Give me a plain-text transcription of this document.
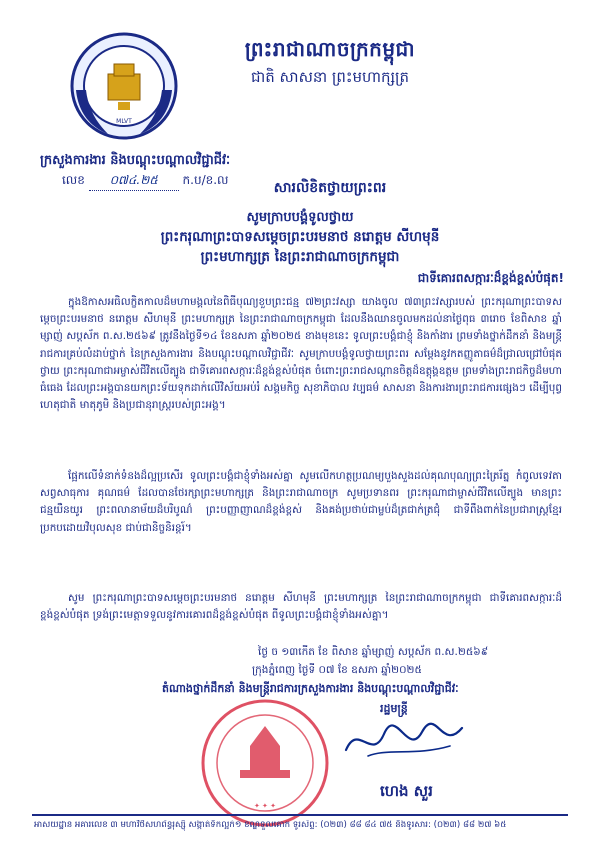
MLVT
ព្រះរាជាណាចក្រកម្ពុជា
ជាតិ សាសនា ព្រះមហាក្សត្រ
ក្រសួងការងារ និងបណ្តុះបណ្តាលវិជ្ជាជីវៈ
លេខ ០៧៤.២៥ ក.ប/ខ.ល	សារលិខិតថ្វាយព្រះពរ
សូមក្រាបបង្គំទូលថ្វាយ
ព្រះករុណាព្រះបាទសម្តេចព្រះបរមនាថ នរោត្តម សីហមុនី
ព្រះមហាក្សត្រ នៃព្រះរាជាណាចក្រកម្ពុជា
ជាទីគោរពសក្ការៈដ៏ខ្ពង់ខ្ពស់បំផុត!
ក្នុងឱកាសអធិលក្ខិតកាលដ៏មហាមង្គលនៃពិធីបុណ្យខួបព្រះជន្ម ៧២ព្រះវស្សា យាងចូល ៧៣ព្រះវស្សារបស់ ព្រះករុណាព្រះបាទសម្តេចព្រះបរមនាថ នរោត្តម សីហមុនី ព្រះមហាក្សត្រ នៃព្រះរាជាណាចក្រកម្ពុជា ដែលនឹងឈានចូលមកដល់នាថ្ងៃពុធ ៣រោច ខែពិសាខ ឆ្នាំម្សាញ់ សប្តស័ក ព.ស.២៥៦៩ ត្រូវនឹងថ្ងៃទី១៤ ខែឧសភា ឆ្នាំ២០២៥ ខាងមុខនេះ ទូលព្រះបង្គំជាខ្ញុំ និងកាំងារ ព្រមទាំងថ្នាក់ដឹកនាំ និងមន្ត្រីរាជការគ្រប់លំដាប់ថ្នាក់ នៃក្រសួងការងារ និងបណ្តុះបណ្តាលវិជ្ជាជីវៈ សូមក្រាបបង្គំទូលថ្វាយព្រះពរ សម្តែងនូវកតញ្ញូតាធម៌ដ៏ជ្រាលជ្រៅបំផុតថ្វាយ ព្រះករុណាជាអម្ចាស់ជីវិតលើត្បូង ជាទីគោរពសក្ការៈដ៏ខ្ពង់ខ្ពស់បំផុត ចំពោះព្រះរាជសណ្តានចិត្តដ៏ឧត្តុង្គឧត្តម ព្រមទាំងព្រះរាជកិច្ចដ៏មហាធំធេង ដែលព្រះអង្គបានយកព្រះទ័យទុកដាក់លើវិស័យអប់រំ សង្គមកិច្ច សុខាភិបាល វប្បធម៌ សាសនា និងការងារព្រះរាជការផ្សេងៗ ដើម្បីបុព្វហេតុជាតិ មាតុភូមិ និងប្រជានុរាស្ត្ររបស់ព្រះអង្គ។
ផ្អែកលើទំនាក់ទំនងដ៏ល្អប្រសើរ ទូលព្រះបង្គំជាខ្ញុំទាំងអស់គ្នា សូមលើកហត្ថប្រណម្យបួងសួងដល់គុណបុណ្យព្រះត្រៃរ័ត្ន កំពូលទេវតាសព្វសាធុការ គុណធម៌ ដែលបានថែរក្សាព្រះមហាក្សត្រ និងព្រះរាជាណាចក្រ សូមប្រទានពរ ព្រះករុណាជាម្ចាស់ជីវិតលើត្បូង មានព្រះជន្មយឺនយូរ ព្រះពលានាម័យដ៏បរិបូណ៌ ព្រះបញ្ញាញាណដ៏ខ្ពង់ខ្ពស់ និងគង់ប្រថាប់ជាម្លប់ដ៏ត្រជាក់ត្រជុំ ជាទីពឹងពាក់នៃប្រជារាស្ត្រខ្មែរ ប្រកបដោយវិបុលសុខ ជាប់ជានិច្ចនិរន្តរ៍។
សូម ព្រះករុណាព្រះបាទសម្តេចព្រះបរមនាថ នរោត្តម សីហមុនី ព្រះមហាក្សត្រ នៃព្រះរាជាណាចក្រកម្ពុជា ជាទីគោរពសក្ការៈដ៏ខ្ពង់ខ្ពស់បំផុត ទ្រង់ព្រះមេត្តាទទួលនូវការគោរពដ៏ខ្ពង់ខ្ពស់បំផុត ពីទូលព្រះបង្គំជាខ្ញុំទាំងអស់គ្នា។
ថ្ងៃ ច ១៣កើត ខែ ពិសាខ ឆ្នាំម្សាញ់ សប្តស័ក ព.ស.២៥៦៩
ក្រុងភ្នំពេញ ថ្ងៃទី ០៧ ខែ ឧសភា ឆ្នាំ២០២៥
តំណាងថ្នាក់ដឹកនាំ និងមន្ត្រីរាជការក្រសួងការងារ និងបណ្តុះបណ្តាលវិជ្ជាជីវៈ
រដ្ឋមន្ត្រី
✦ ✦ ✦
ហេង សួរ
អាសយដ្ឋាន អគារលេខ ៣ មហាវិថីសហព័ន្ធរុស្ស៊ី សង្កាត់ទឹកល្អក់១ ខណ្ឌទួលគោក ទូរស័ព្ទ: (០២៣) ៨៨ ៨៤ ៧៥ និងទូរសារ: (០២៣) ៨៨ ២៧ ៦៥
